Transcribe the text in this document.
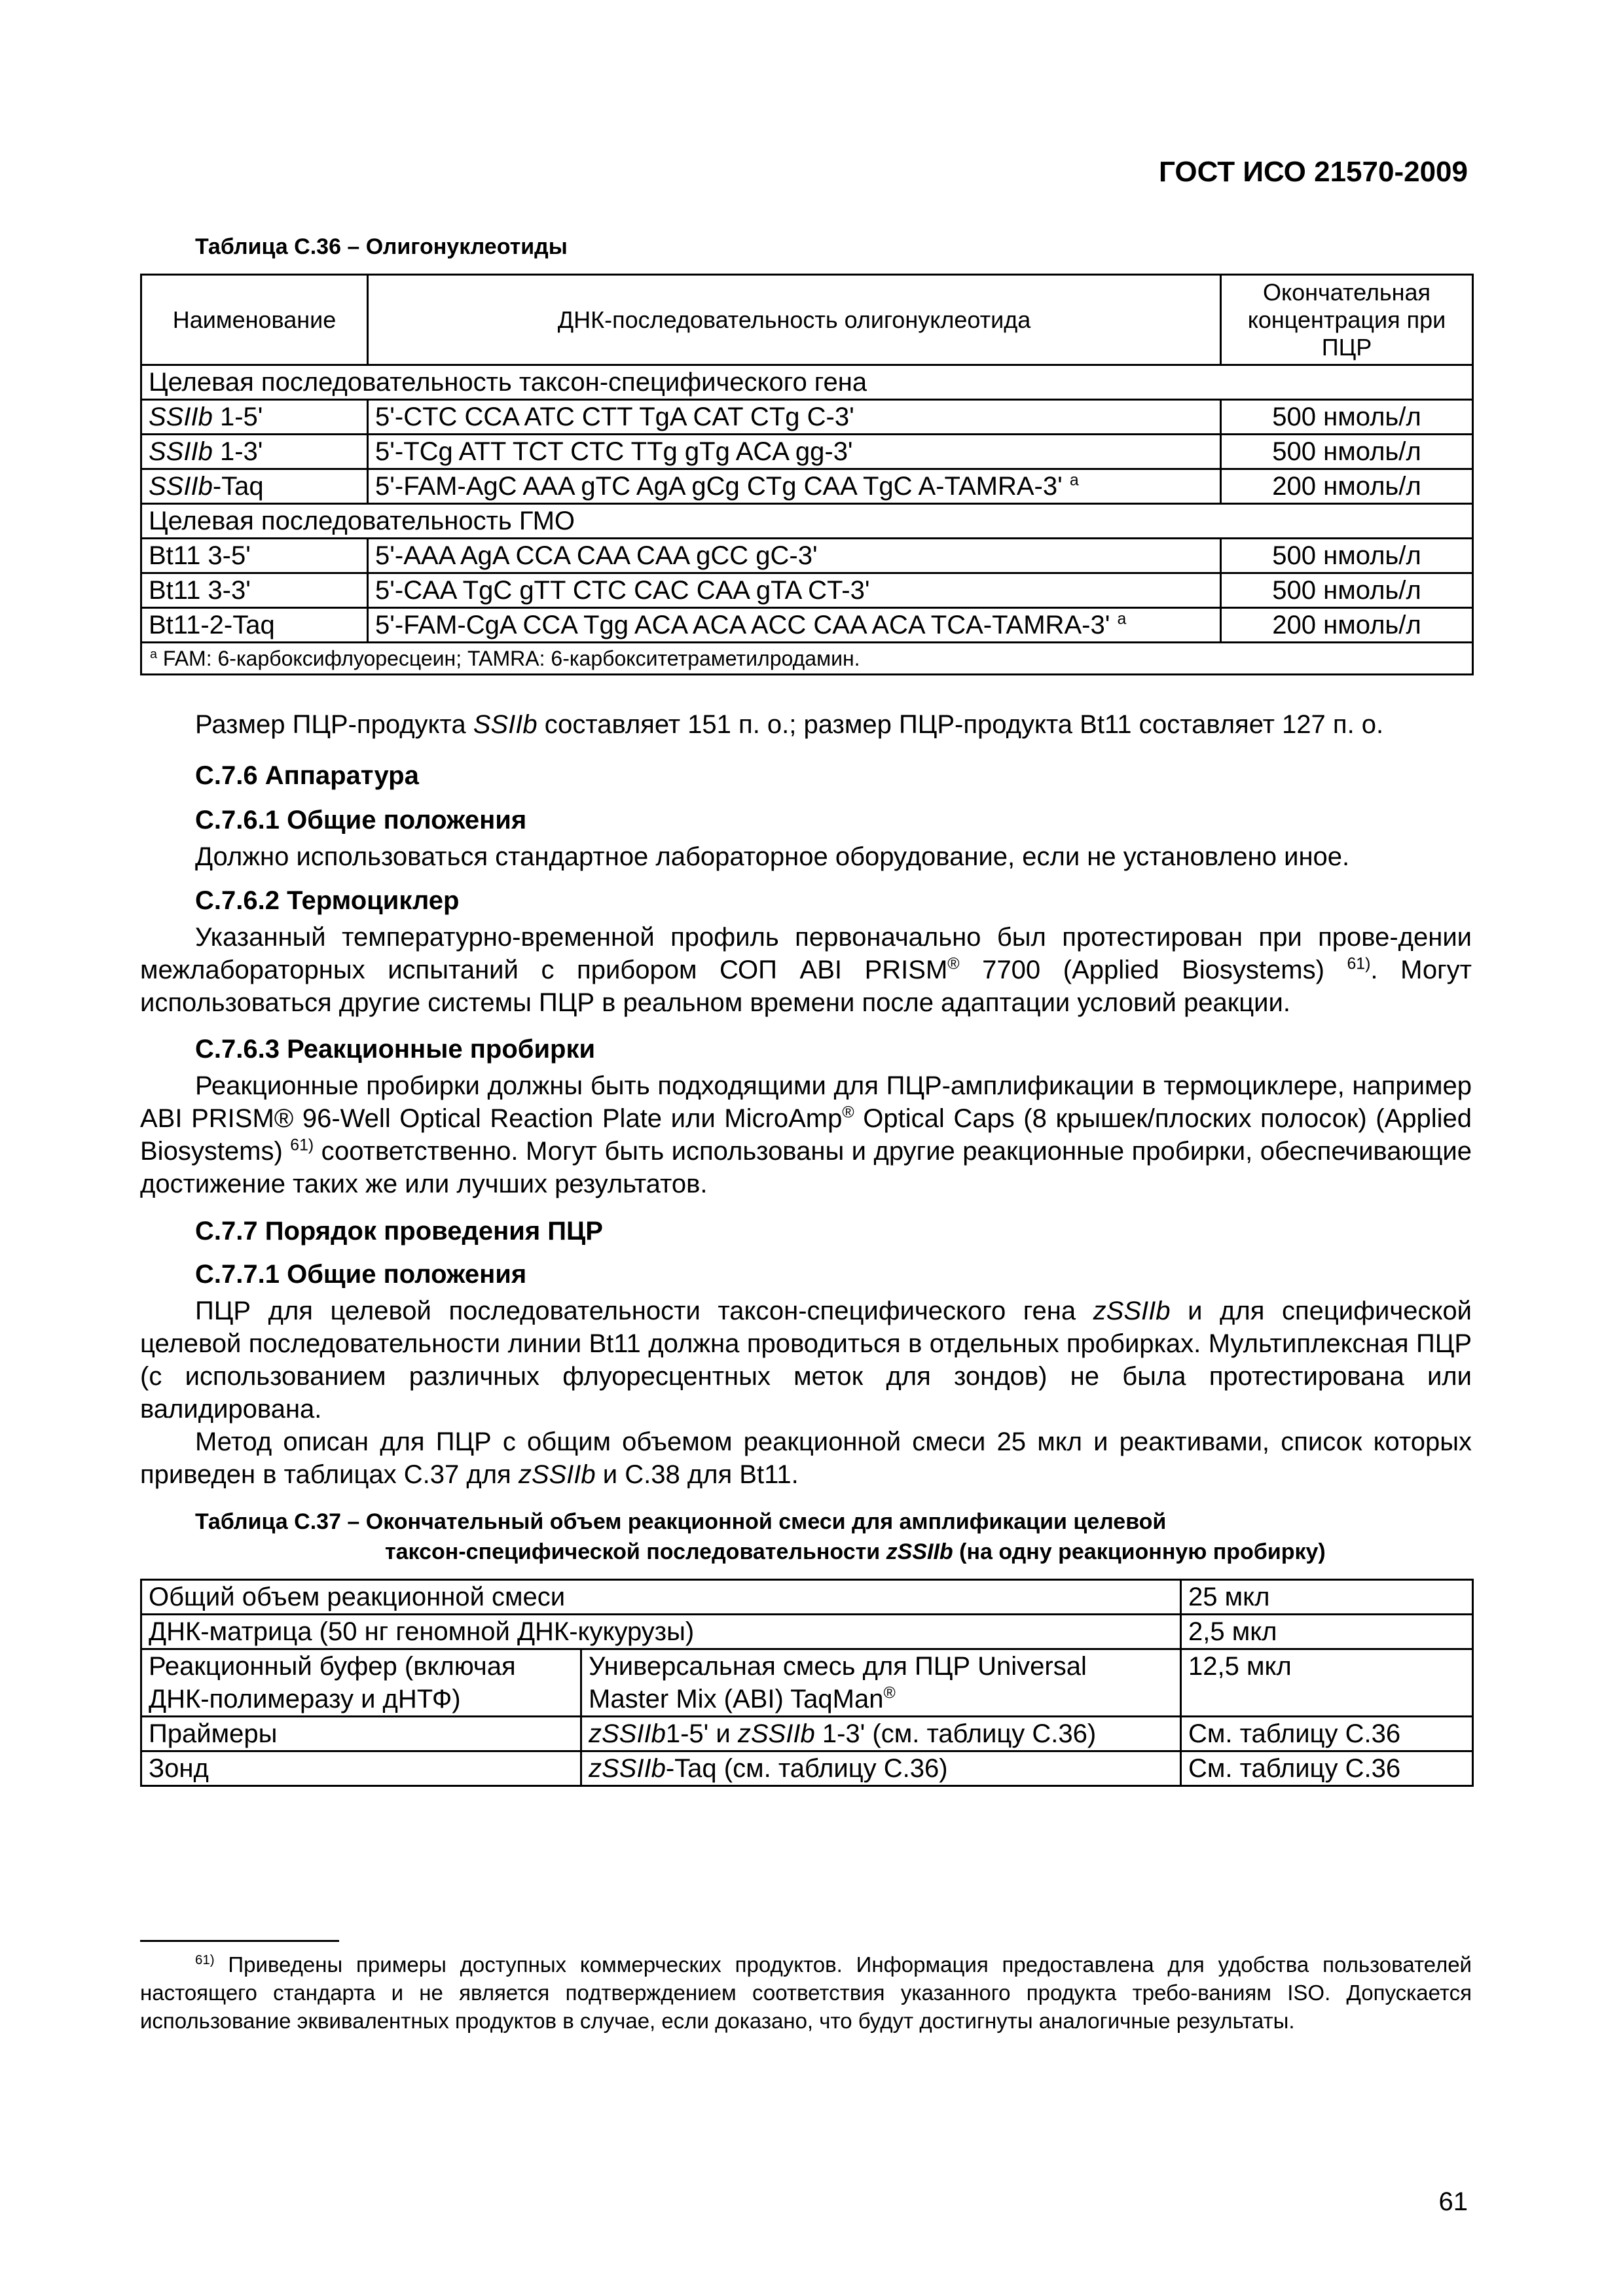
ГОСТ ИСО 21570-2009
Таблица С.36 – Олигонуклеотиды
Наименование	ДНК-последовательность олигонуклеотида	Окончательная концентрация при ПЦР
Целевая последовательность таксон-специфического гена		
SSIIb 1-5'	5'-CTC CCA ATC CTT TgA CAT CTg C-3'	500 нмоль/л
SSIIb 1-3'	5'-TCg ATT TCT CTC TTg gTg ACA gg-3'	500 нмоль/л
SSIIb-Taq	5'-FAM-AgC AAA gTC AgA gCg CTg CAA TgC A-TAMRA-3' $^a$	200 нмоль/л
Целевая последовательность ГМО		
Bt11 3-5'	5'-AAA AgA CCA CAA CAA gCC gC-3'	500 нмоль/л
Bt11 3-3'	5'-CAA TgC gTT CTC CAC CAA gTA CT-3'	500 нмоль/л
Bt11-2-Taq	5'-FAM-CgA CCA Tgg ACA ACA ACC CAA ACA TCA-TAMRA-3' $^a$	200 нмоль/л
$^a$ FAM: 6-карбоксифлуоресцеин; TAMRA: 6-карбокситетраметилродамин.		
Размер ПЦР-продукта SSIIb составляет 151 п. о.; размер ПЦР-продукта Bt11 составляет 127 п. о.
С.7.6 Аппаратура
С.7.6.1 Общие положения
Должно использоваться стандартное лабораторное оборудование, если не установлено иное.
С.7.6.2 Термоциклер
Указанный температурно-временной профиль первоначально был протестирован при прове-дении межлабораторных испытаний с прибором СОП ABI PRISM® 7700 (Applied Biosystems) $^{61)}$. Могут использоваться другие системы ПЦР в реальном времени после адаптации условий реакции.
С.7.6.3 Реакционные пробирки
Реакционные пробирки должны быть подходящими для ПЦР-амплификации в термоциклере, например ABI PRISM® 96-Well Optical Reaction Plate или MicroAmp® Optical Caps (8 крышек/плоских полосок) (Applied Biosystems) $^{61)}$ соответственно. Могут быть использованы и другие реакционные пробирки, обеспечивающие достижение таких же или лучших результатов.
С.7.7 Порядок проведения ПЦР
С.7.7.1 Общие положения
ПЦР для целевой последовательности таксон-специфического гена zSSIIb и для специфической целевой последовательности линии Bt11 должна проводиться в отдельных пробирках. Мультиплексная ПЦР (с использованием различных флуоресцентных меток для зондов) не была протестирована или валидирована.
Метод описан для ПЦР с общим объемом реакционной смеси 25 мкл и реактивами, список которых приведен в таблицах С.37 для zSSIIb и С.38 для Bt11.
Таблица С.37 – Окончательный объем реакционной смеси для амплификации целевой
таксон-специфической последовательности zSSIIb (на одну реакционную пробирку)
Общий объем реакционной смеси		25 мкл
ДНК-матрица (50 нг геномной ДНК-кукурузы)		2,5 мкл
Реакционный буфер (включая ДНК-полимеразу и дНТФ)	Универсальная смесь для ПЦР Universal Master Mix (ABI) TaqMan®	12,5 мкл
Праймеры	zSSIIb1-5' и zSSIIb 1-3' (см. таблицу С.36)	См. таблицу С.36
Зонд	zSSIIb-Taq (см. таблицу С.36)	См. таблицу С.36
$^{61)}$ Приведены примеры доступных коммерческих продуктов. Информация предоставлена для удобства пользователей настоящего стандарта и не является подтверждением соответствия указанного продукта требо-ваниям ISO. Допускается использование эквивалентных продуктов в случае, если доказано, что будут достигнуты аналогичные результаты.
61
